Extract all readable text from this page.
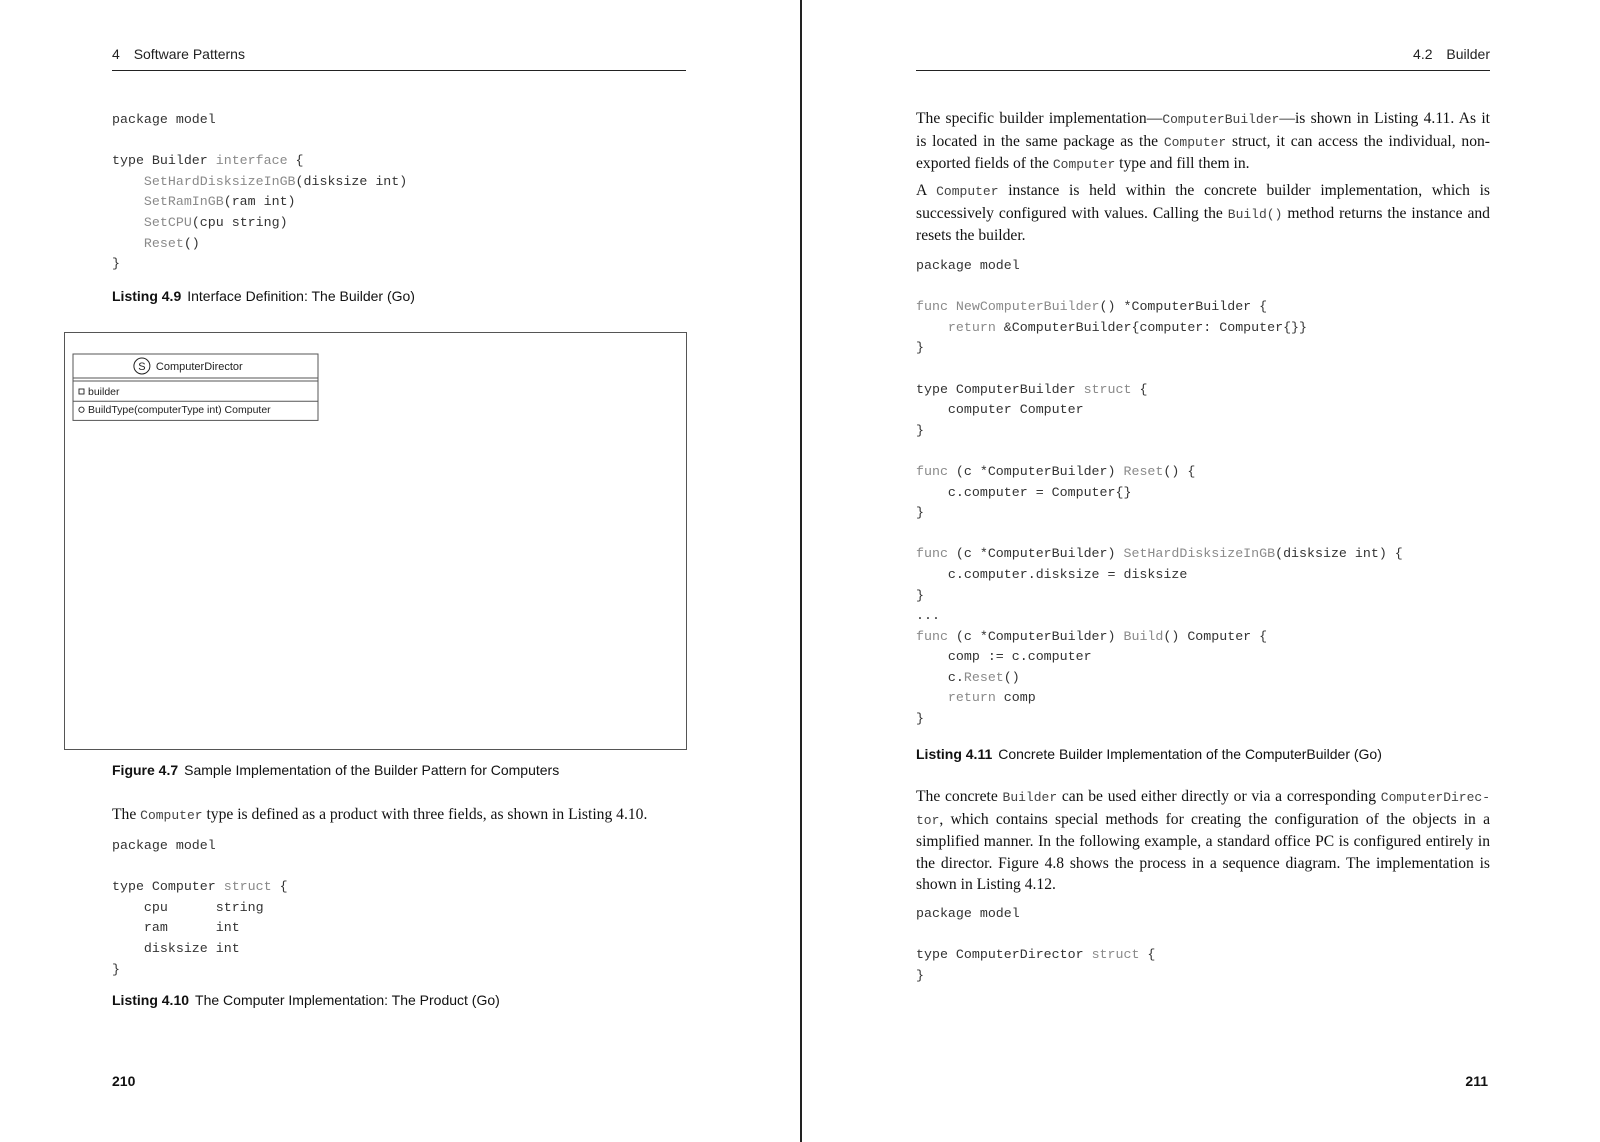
4 Software Patterns
package model

type Builder interface {
SetHardDisksizeInGB(disksize int)
SetRamInGB(ram int)
SetCPU(cpu string)
Reset()
}
Listing 4.9 Interface Definition: The Builder (Go)
S ComputerDirector
builder
BuildType(computerType int) Computer
Figure 4.7 Sample Implementation of the Builder Pattern for Computers

The Computer type is defined as a product with three fields, as shown in Listing 4.10.

package model

type Computer struct {
cpu      string
ram      int
disksize int
}
Listing 4.10 The Computer Implementation: The Product (Go)
210
4.2 Builder

The specific builder implementation—ComputerBuilder—is shown in Listing 4.11. As it is located in the same package as the Computer struct, it can access the individual, non-exported fields of the Computer type and fill them in.

A Computer instance is held within the concrete builder implementation, which is successively configured with values. Calling the Build() method returns the instance and resets the builder.

package model

func NewComputerBuilder() *ComputerBuilder {
return &ComputerBuilder{computer: Computer{}}
}

type ComputerBuilder struct {
computer Computer
}

func (c *ComputerBuilder) Reset() {
c.computer = Computer{}
}

func (c *ComputerBuilder) SetHardDisksizeInGB(disksize int) {
c.computer.disksize = disksize
}
...
func (c *ComputerBuilder) Build() Computer {
comp := c.computer
c.Reset()
return comp
}
Listing 4.11 Concrete Builder Implementation of the ComputerBuilder (Go)

The concrete Builder can be used either directly or via a corresponding ComputerDirec-tor, which contains special methods for creating the configuration of the objects in a simplified manner. In the following example, a standard office PC is configured entirely in the director. Figure 4.8 shows the process in a sequence diagram. The implementation is shown in Listing 4.12.

package model

type ComputerDirector struct {
}
211
